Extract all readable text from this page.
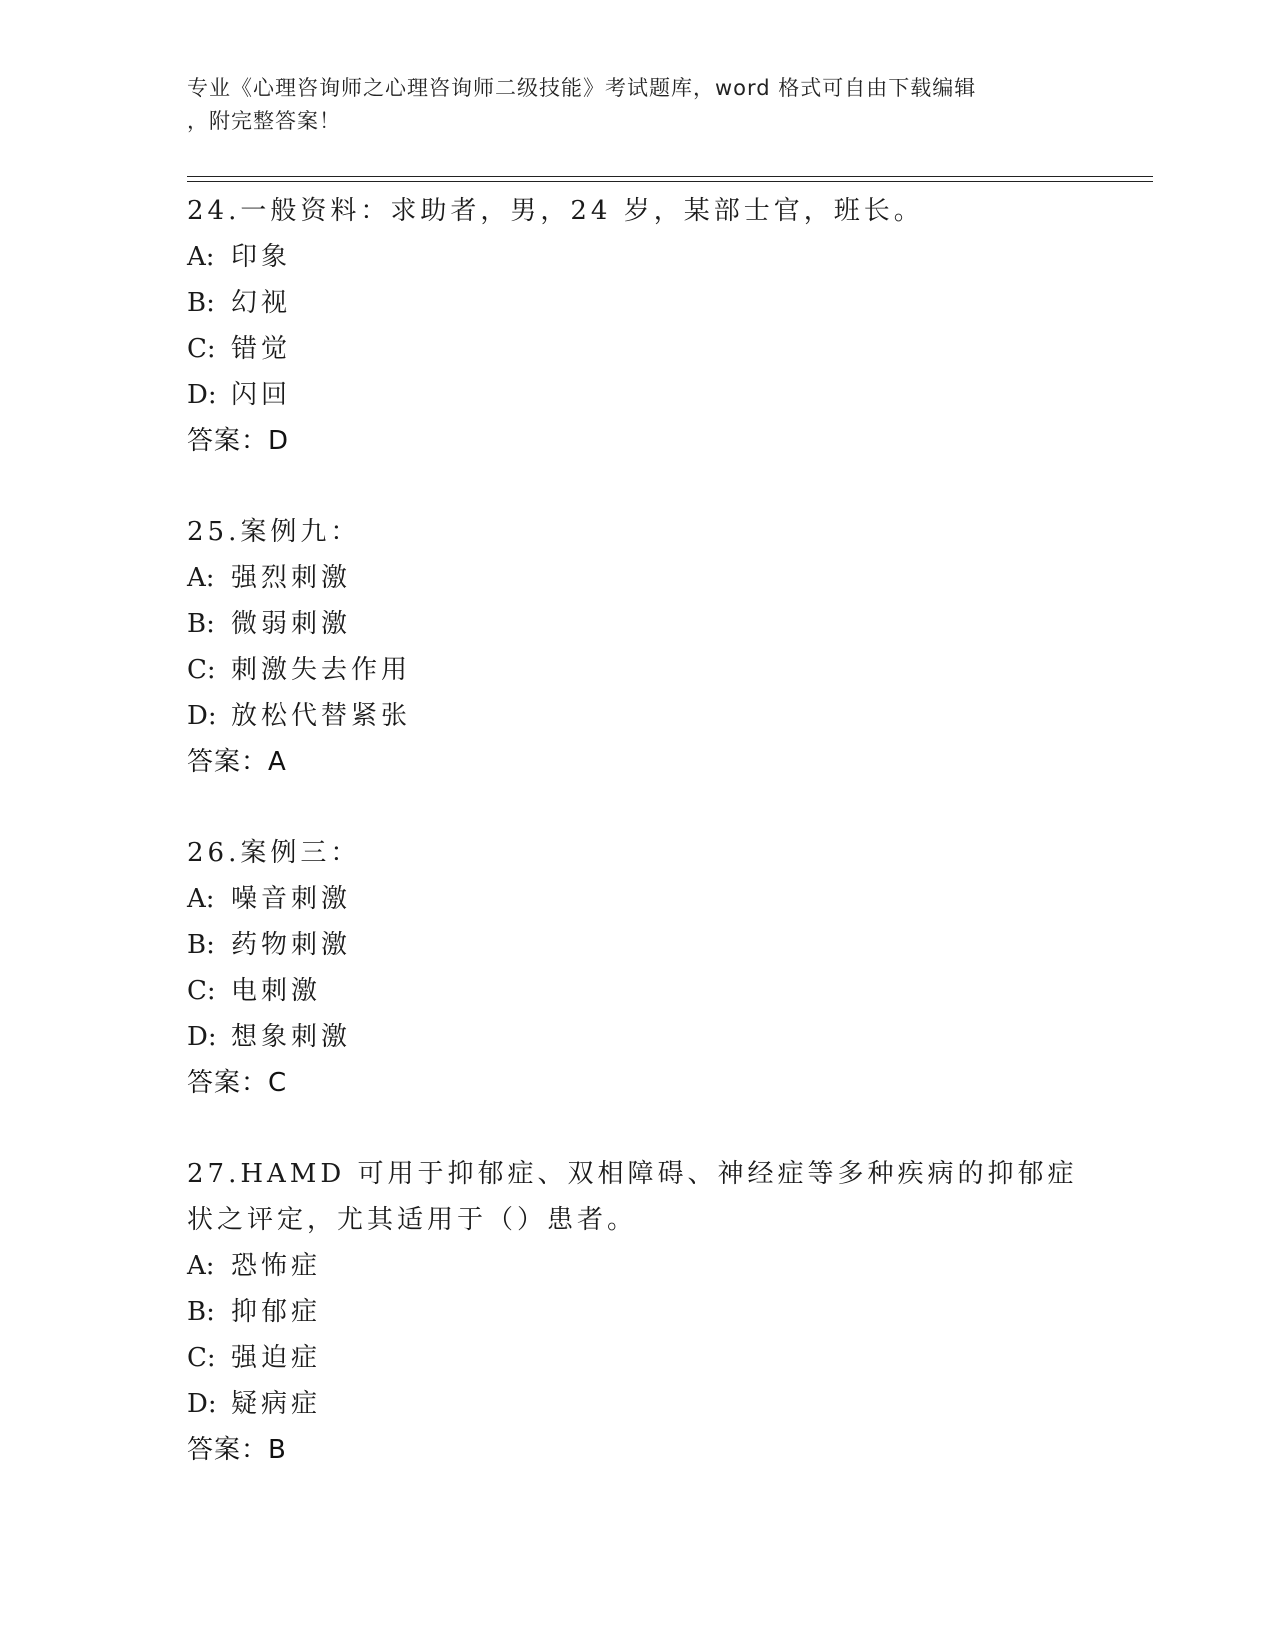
专业《心理咨询师之心理咨询师二级技能》考试题库，word 格式可自由下载编辑
，附完整答案！
24.一般资料：求助者，男，24 岁，某部士官，班长。
A: 印象
B: 幻视
C: 错觉
D: 闪回
答案：D
25.案例九：
A: 强烈刺激
B: 微弱刺激
C: 刺激失去作用
D: 放松代替紧张
答案：A
26.案例三：
A: 噪音刺激
B: 药物刺激
C: 电刺激
D: 想象刺激
答案：C
27.HAMD 可用于抑郁症、双相障碍、神经症等多种疾病的抑郁症状之评定，尤其适用于（）患者。
A: 恐怖症
B: 抑郁症
C: 强迫症
D: 疑病症
答案：B
